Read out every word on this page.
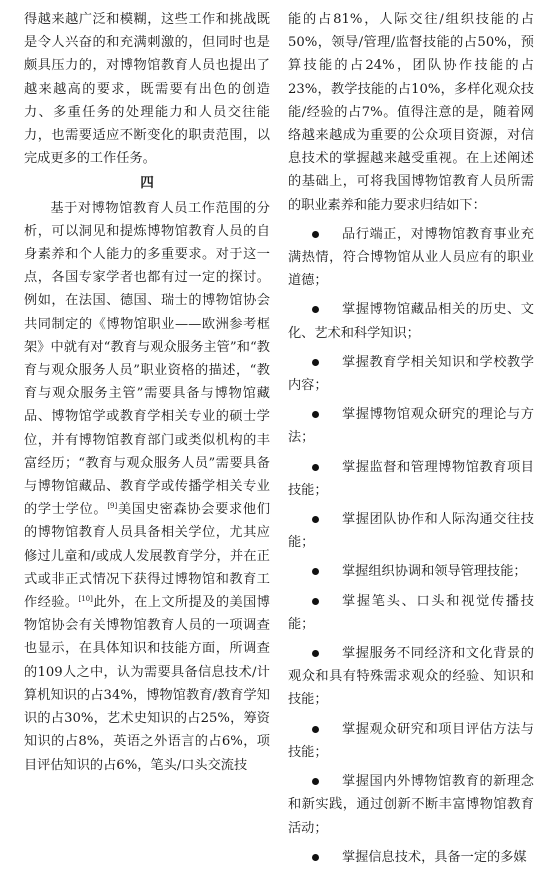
得越来越广泛和模糊，这些工作和挑战既是令人兴奋的和充满刺激的，但同时也是颇具压力的，对博物馆教育人员也提出了越来越高的要求，既需要有出色的创造力、多重任务的处理能力和人员交往能力，也需要适应不断变化的职责范围，以完成更多的工作任务。

四

基于对博物馆教育人员工作范围的分析，可以洞见和提炼博物馆教育人员的自身素养和个人能力的多重要求。对于这一点，各国专家学者也都有过一定的探讨。例如，在法国、德国、瑞士的博物馆协会共同制定的《博物馆职业——欧洲参考框架》中就有对“教育与观众服务主管”和“教育与观众服务人员”职业资格的描述，“教育与观众服务主管”需要具备与博物馆藏品、博物馆学或教育学相关专业的硕士学位，并有博物馆教育部门或类似机构的丰富经历；“教育与观众服务人员”需要具备与博物馆藏品、教育学或传播学相关专业的学士学位。[9]美国史密森协会要求他们的博物馆教育人员具备相关学位，尤其应修过儿童和/或成人发展教育学分，并在正式或非正式情况下获得过博物馆和教育工作经验。[10]此外，在上文所提及的美国博物馆协会有关博物馆教育人员的一项调查也显示，在具体知识和技能方面，所调查的109人之中，认为需要具备信息技术/计算机知识的占34%，博物馆教育/教育学知识的占30%，艺术史知识的占25%，筹资知识的占8%，英语之外语言的占6%，项目评估知识的占6%，笔头/口头交流技

能的占81%，人际交往/组织技能的占50%，领导/管理/监督技能的占50%，预算技能的占24%，团队协作技能的占23%，教学技能的占10%，多样化观众技能/经验的占7%。值得注意的是，随着网络越来越成为重要的公众项目资源，对信息技术的掌握越来越受重视。在上述阐述的基础上，可将我国博物馆教育人员所需的职业素养和能力要求归结如下：

品行端正，对博物馆教育事业充满热情，符合博物馆从业人员应有的职业道德；
掌握博物馆藏品相关的历史、文化、艺术和科学知识；
掌握教育学相关知识和学校教学内容；
掌握博物馆观众研究的理论与方法；
掌握监督和管理博物馆教育项目技能；
掌握团队协作和人际沟通交往技能；
掌握组织协调和领导管理技能；
掌握笔头、口头和视觉传播技能；
掌握服务不同经济和文化背景的观众和具有特殊需求观众的经验、知识和技能；
掌握观众研究和项目评估方法与技能；
掌握国内外博物馆教育的新理念和新实践，通过创新不断丰富博物馆教育活动；
掌握信息技术，具备一定的多媒
